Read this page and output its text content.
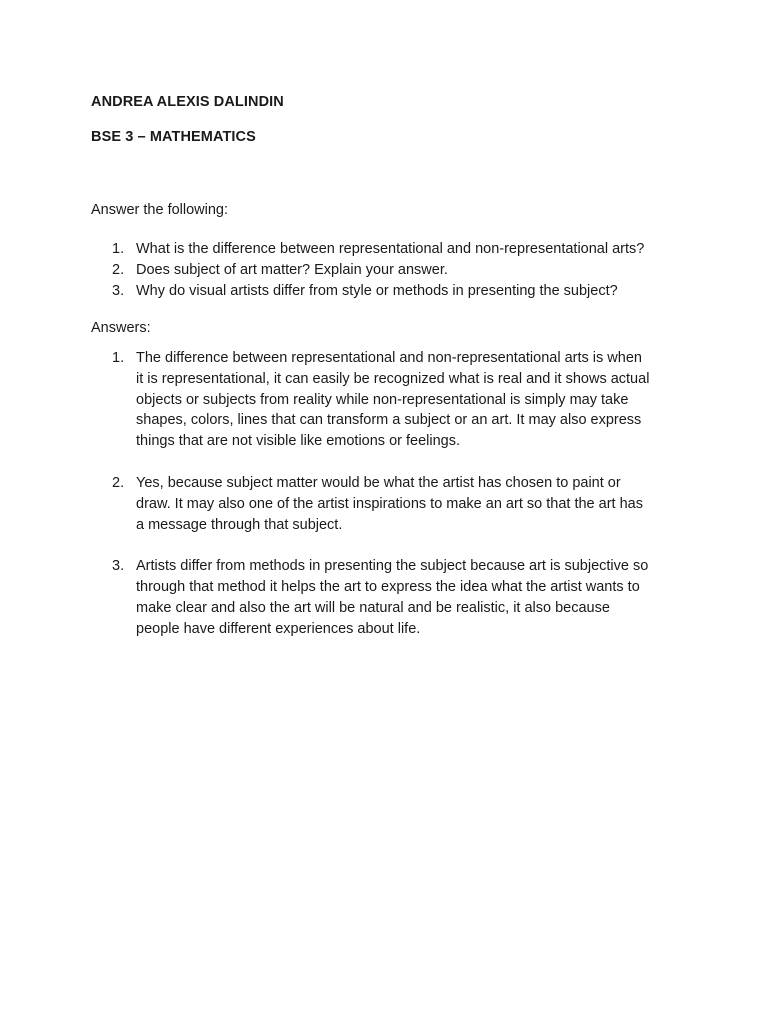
ANDREA ALEXIS DALINDIN
BSE 3 – MATHEMATICS
Answer the following:
1. What is the difference between representational and non-representational arts?
2. Does subject of art matter? Explain your answer.
3. Why do visual artists differ from style or methods in presenting the subject?
Answers:
1. The difference between representational and non-representational arts is when it is representational, it can easily be recognized what is real and it shows actual objects or subjects from reality while non-representational is simply may take shapes, colors, lines that can transform a subject or an art. It may also express things that are not visible like emotions or feelings.
2. Yes, because subject matter would be what the artist has chosen to paint or draw. It may also one of the artist inspirations to make an art so that the art has a message through that subject.
3. Artists differ from methods in presenting the subject because art is subjective so through that method it helps the art to express the idea what the artist wants to make clear and also the art will be natural and be realistic, it also because people have different experiences about life.
